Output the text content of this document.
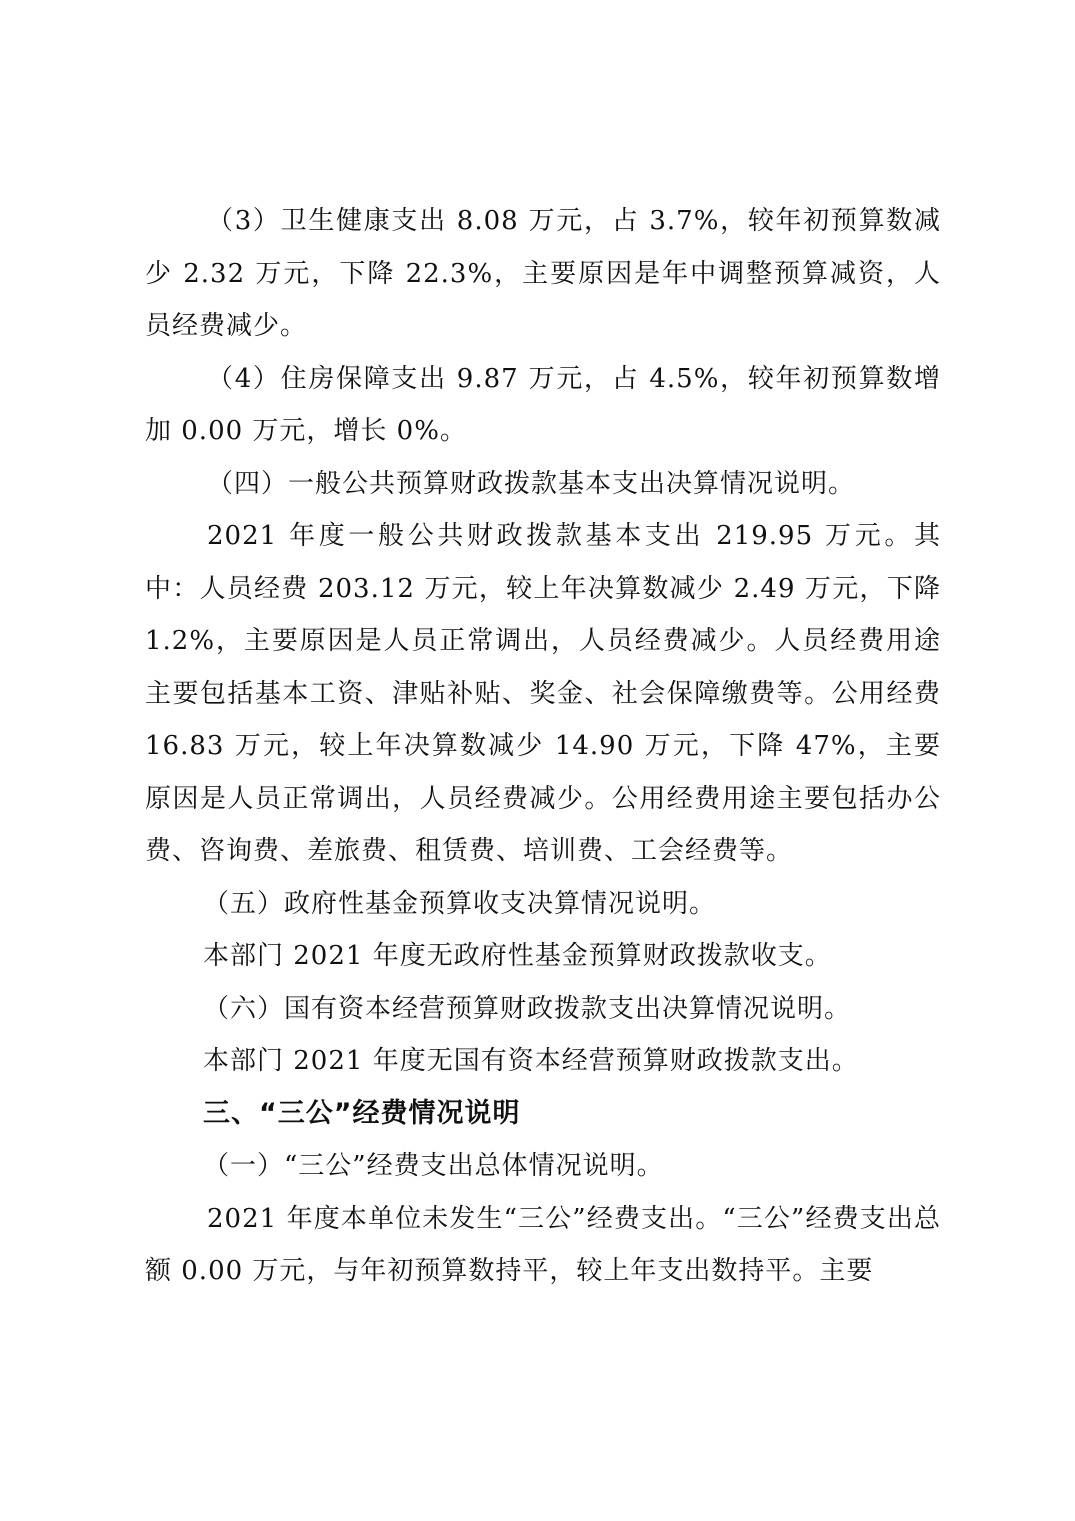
（3）卫生健康支出 8.08 万元，占 3.7%，较年初预算数减少 2.32 万元，下降 22.3%，主要原因是年中调整预算减资，人员经费减少。

（4）住房保障支出 9.87 万元，占 4.5%，较年初预算数增加 0.00 万元，增长 0%。

（四）一般公共预算财政拨款基本支出决算情况说明。

2021 年度一般公共财政拨款基本支出 219.95 万元。其中：人员经费 203.12 万元，较上年决算数减少 2.49 万元，下降 1.2%，主要原因是人员正常调出，人员经费减少。人员经费用途主要包括基本工资、津贴补贴、奖金、社会保障缴费等。公用经费 16.83 万元，较上年决算数减少 14.90 万元，下降 47%，主要原因是人员正常调出，人员经费减少。公用经费用途主要包括办公费、咨询费、差旅费、租赁费、培训费、工会经费等。

（五）政府性基金预算收支决算情况说明。

本部门 2021 年度无政府性基金预算财政拨款收支。

（六）国有资本经营预算财政拨款支出决算情况说明。

本部门 2021 年度无国有资本经营预算财政拨款支出。

三、“三公”经费情况说明

（一）“三公”经费支出总体情况说明。

2021 年度本单位未发生“三公”经费支出。“三公”经费支出总额 0.00 万元，与年初预算数持平，较上年支出数持平。主要
